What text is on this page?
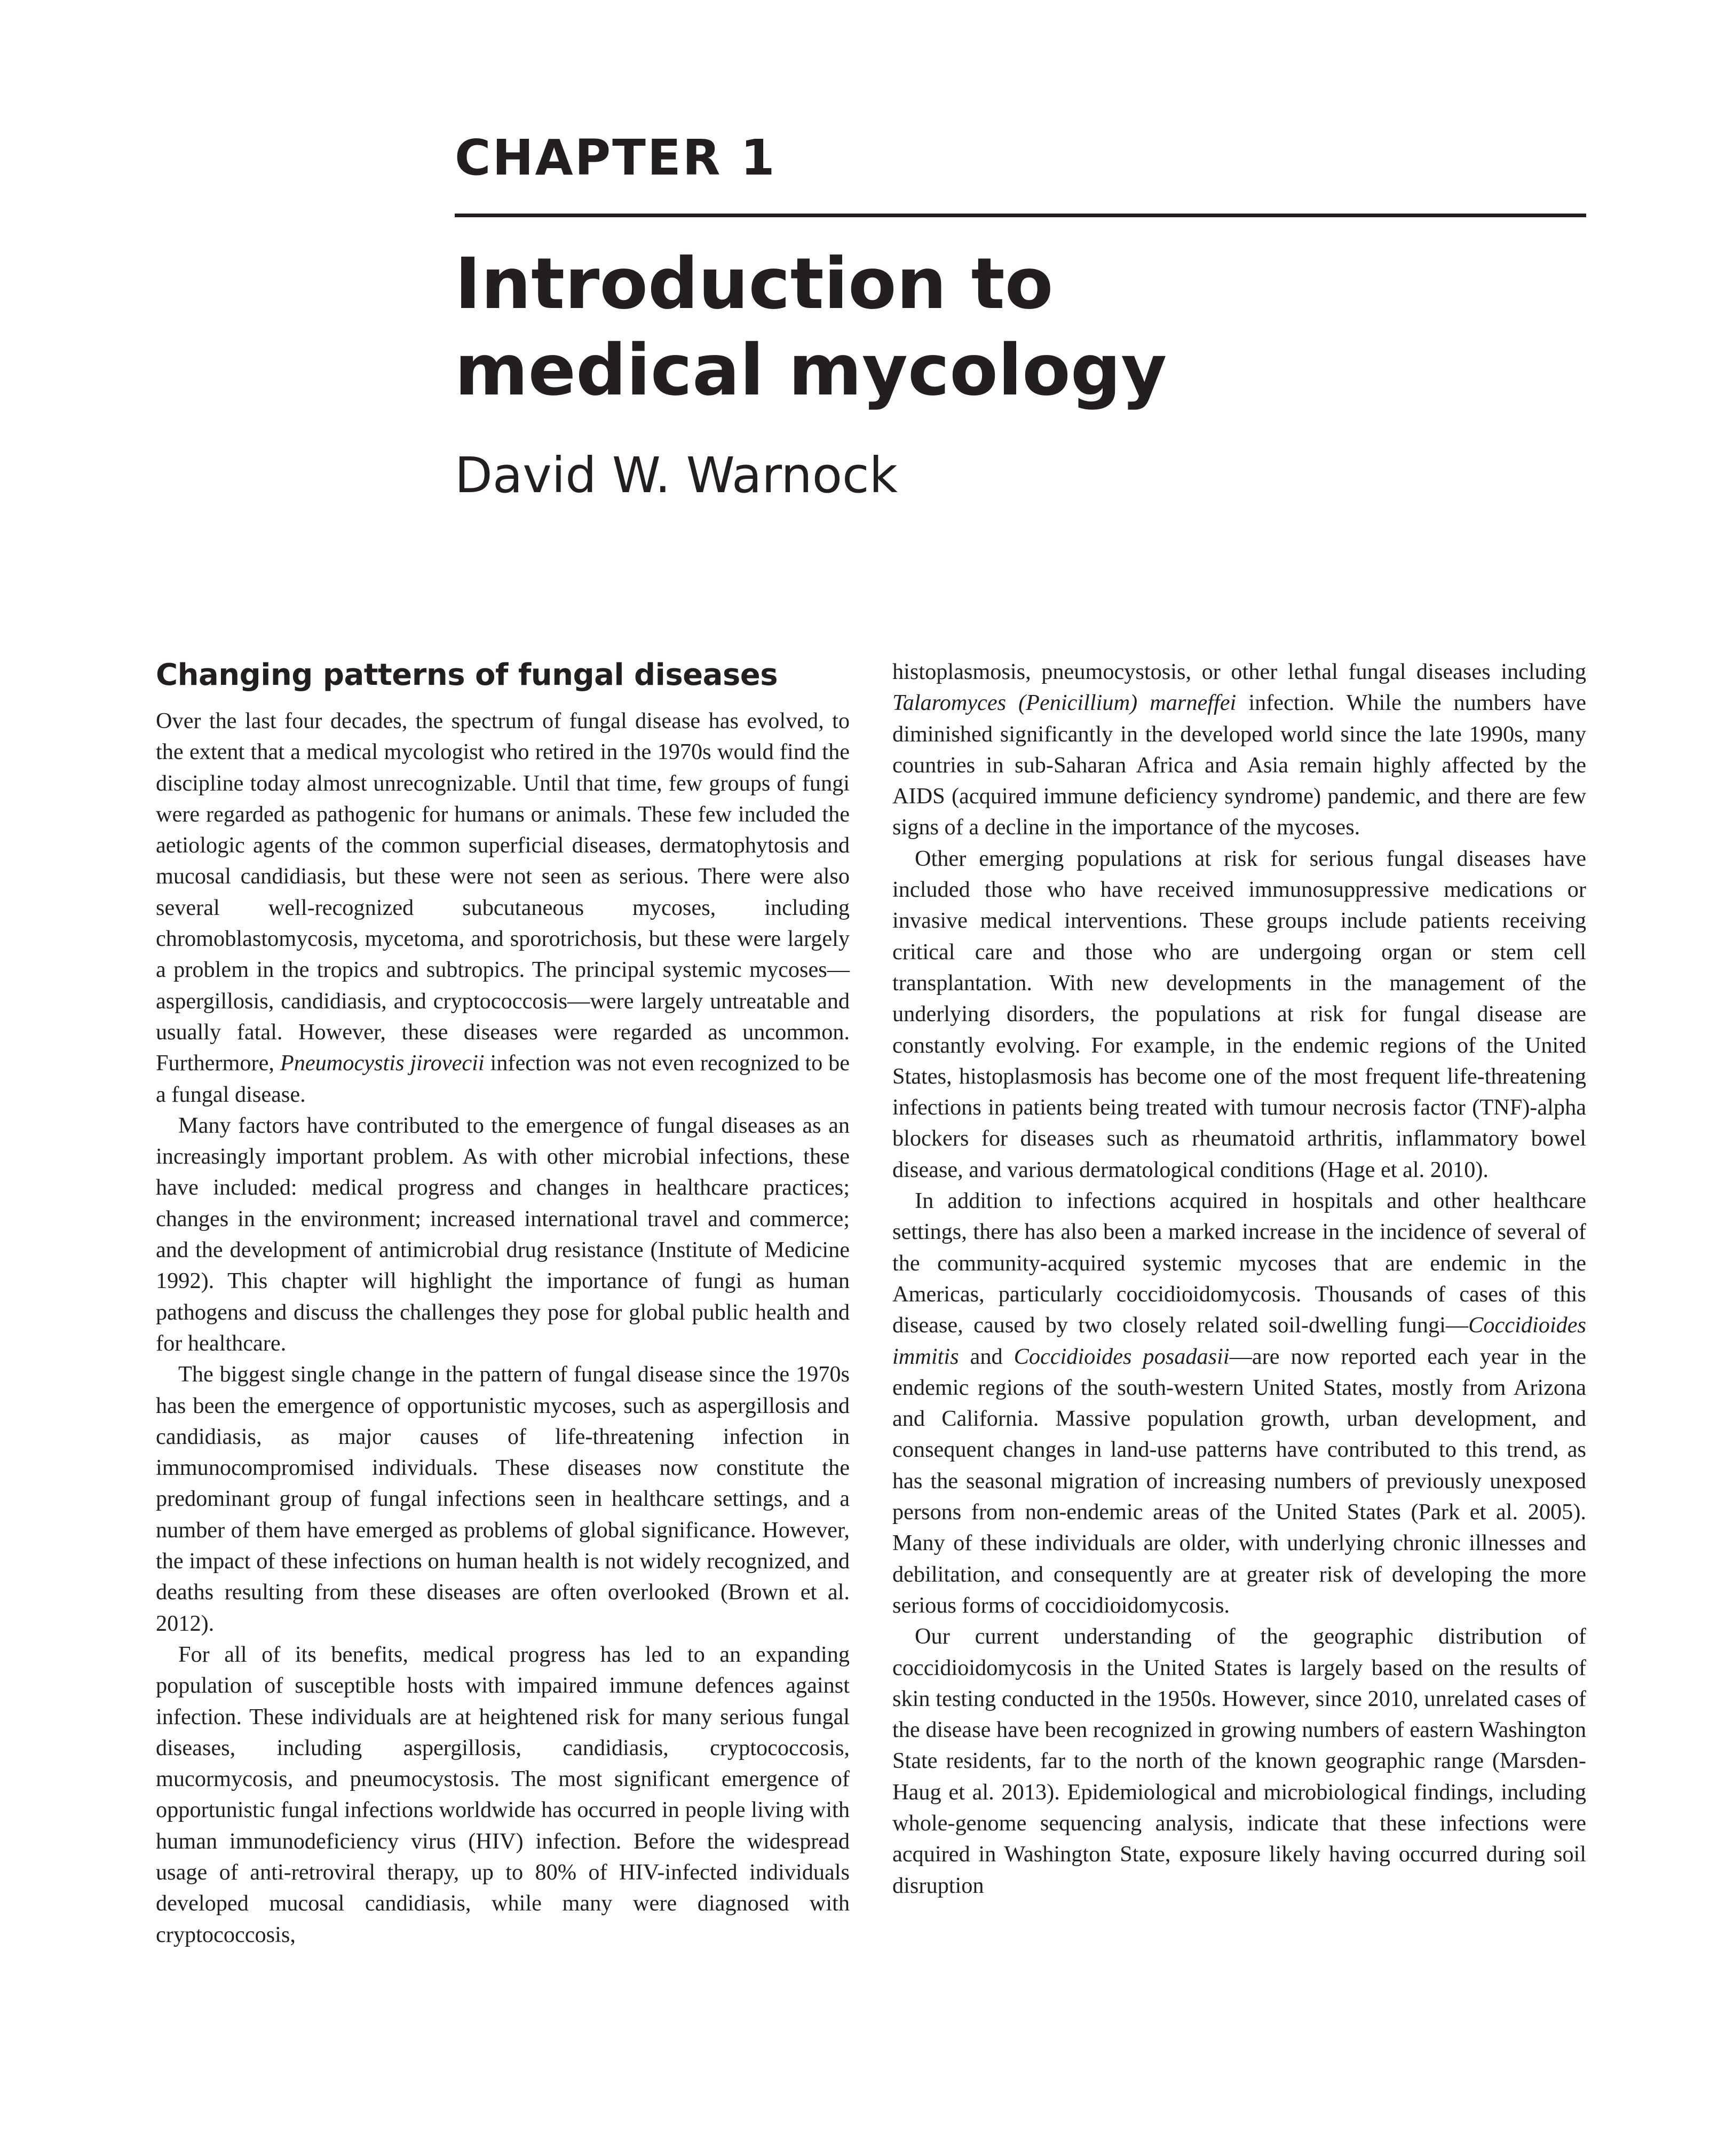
CHAPTER 1
Introduction to
medical mycology
David W. Warnock
Changing patterns of fungal diseases

Over the last four decades, the spectrum of fungal disease has evolved, to the extent that a medical mycologist who retired in the 1970s would find the discipline today almost unrecognizable. Until that time, few groups of fungi were regarded as pathogenic for humans or animals. These few included the aetiologic agents of the common superficial diseases, dermatophytosis and mucosal candidiasis, but these were not seen as serious. There were also several well-recognized subcutaneous mycoses, including chromoblastomycosis, mycetoma, and sporotrichosis, but these were largely a problem in the tropics and subtropics. The principal systemic mycoses—aspergillosis, candidiasis, and cryptococcosis—were largely untreatable and usually fatal. However, these diseases were regarded as uncommon. Furthermore, Pneumocystis jirovecii infection was not even recognized to be a fungal disease.

Many factors have contributed to the emergence of fungal diseases as an increasingly important problem. As with other microbial infections, these have included: medical progress and changes in healthcare practices; changes in the environment; increased international travel and commerce; and the development of antimicrobial drug resistance (Institute of Medicine 1992). This chapter will highlight the importance of fungi as human pathogens and discuss the challenges they pose for global public health and for healthcare.

The biggest single change in the pattern of fungal disease since the 1970s has been the emergence of opportunistic mycoses, such as aspergillosis and candidiasis, as major causes of life-threatening infection in immunocompromised individuals. These diseases now constitute the predominant group of fungal infections seen in healthcare settings, and a number of them have emerged as problems of global significance. However, the impact of these infections on human health is not widely recognized, and deaths resulting from these diseases are often overlooked (Brown et al. 2012).

For all of its benefits, medical progress has led to an expanding population of susceptible hosts with impaired immune defences against infection. These individuals are at heightened risk for many serious fungal diseases, including aspergillosis, candidiasis, cryptococcosis, mucormycosis, and pneumocystosis. The most significant emergence of opportunistic fungal infections worldwide has occurred in people living with human immunodeficiency virus (HIV) infection. Before the widespread usage of anti-retroviral therapy, up to 80% of HIV-infected individuals developed mucosal candidiasis, while many were diagnosed with cryptococcosis,

histoplasmosis, pneumocystosis, or other lethal fungal diseases including Talaromyces (Penicillium) marneffei infection. While the numbers have diminished significantly in the developed world since the late 1990s, many countries in sub-Saharan Africa and Asia remain highly affected by the AIDS (acquired immune deficiency syndrome) pandemic, and there are few signs of a decline in the importance of the mycoses.

Other emerging populations at risk for serious fungal diseases have included those who have received immunosuppressive medications or invasive medical interventions. These groups include patients receiving critical care and those who are undergoing organ or stem cell transplantation. With new developments in the management of the underlying disorders, the populations at risk for fungal disease are constantly evolving. For example, in the endemic regions of the United States, histoplasmosis has become one of the most frequent life-threatening infections in patients being treated with tumour necrosis factor (TNF)-alpha blockers for diseases such as rheumatoid arthritis, inflammatory bowel disease, and various dermatological conditions (Hage et al. 2010).

In addition to infections acquired in hospitals and other healthcare settings, there has also been a marked increase in the incidence of several of the community-acquired systemic mycoses that are endemic in the Americas, particularly coccidioidomycosis. Thousands of cases of this disease, caused by two closely related soil-dwelling fungi—Coccidioides immitis and Coccidioides posadasii—are now reported each year in the endemic regions of the south-western United States, mostly from Arizona and California. Massive population growth, urban development, and consequent changes in land-use patterns have contributed to this trend, as has the seasonal migration of increasing numbers of previously unexposed persons from non-endemic areas of the United States (Park et al. 2005). Many of these individuals are older, with underlying chronic illnesses and debilitation, and consequently are at greater risk of developing the more serious forms of coccidioidomycosis.

Our current understanding of the geographic distribution of coccidioidomycosis in the United States is largely based on the results of skin testing conducted in the 1950s. However, since 2010, unrelated cases of the disease have been recognized in growing numbers of eastern Washington State residents, far to the north of the known geographic range (Marsden-Haug et al. 2013). Epidemiological and microbiological findings, including whole-genome sequencing analysis, indicate that these infections were acquired in Washington State, exposure likely having occurred during soil disruption
